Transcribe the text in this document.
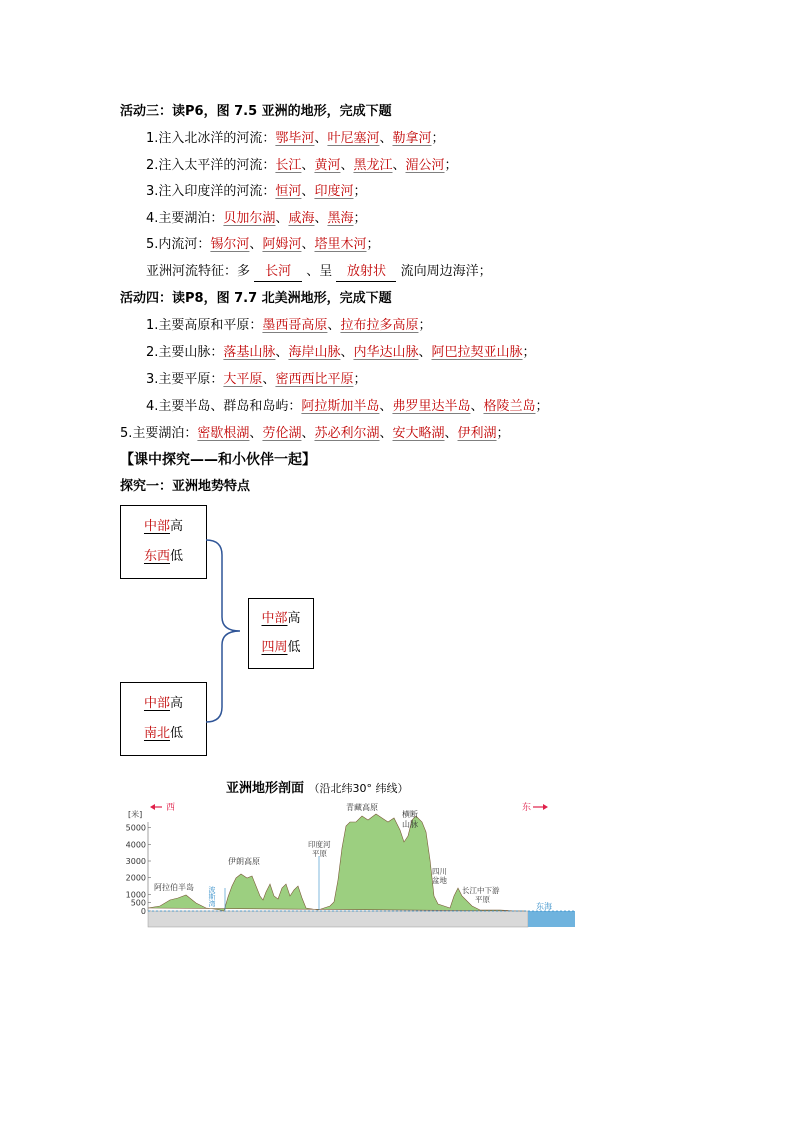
活动三：读P6，图 7.5 亚洲的地形，完成下题
1.注入北冰洋的河流：鄂毕河、叶尼塞河、勒拿河；
2.注入太平洋的河流：长江、黄河、黑龙江、湄公河；
3.注入印度洋的河流：恒河、印度河；
4.主要湖泊：贝加尔湖、咸海、黑海；
5.内流河：锡尔河、阿姆河、塔里木河；
亚洲河流特征：多 长河 、呈 放射状 流向周边海洋；
活动四：读P8，图 7.7 北美洲地形，完成下题
1.主要高原和平原：墨西哥高原、拉布拉多高原；
2.主要山脉：落基山脉、海岸山脉、内华达山脉、阿巴拉契亚山脉；
3.主要平原：大平原、密西西比平原；
4.主要半岛、群岛和岛屿：阿拉斯加半岛、弗罗里达半岛、格陵兰岛；
5.主要湖泊：密歇根湖、劳伦湖、苏必利尔湖、安大略湖、伊利湖；
【课中探究——和小伙伴一起】
探究一：亚洲地势特点
中部高
东西低
中部高
南北低
中部高
四周低
亚洲地形剖面 （沿北纬30° 纬线）
西	东
[米]
5000
4000
3000
2000
1000
500
0
阿拉伯半岛
伊朗高原
波斯湾
印度河平原
青藏高原
横断山脉
四川盆地
长江中下游平原
东海
